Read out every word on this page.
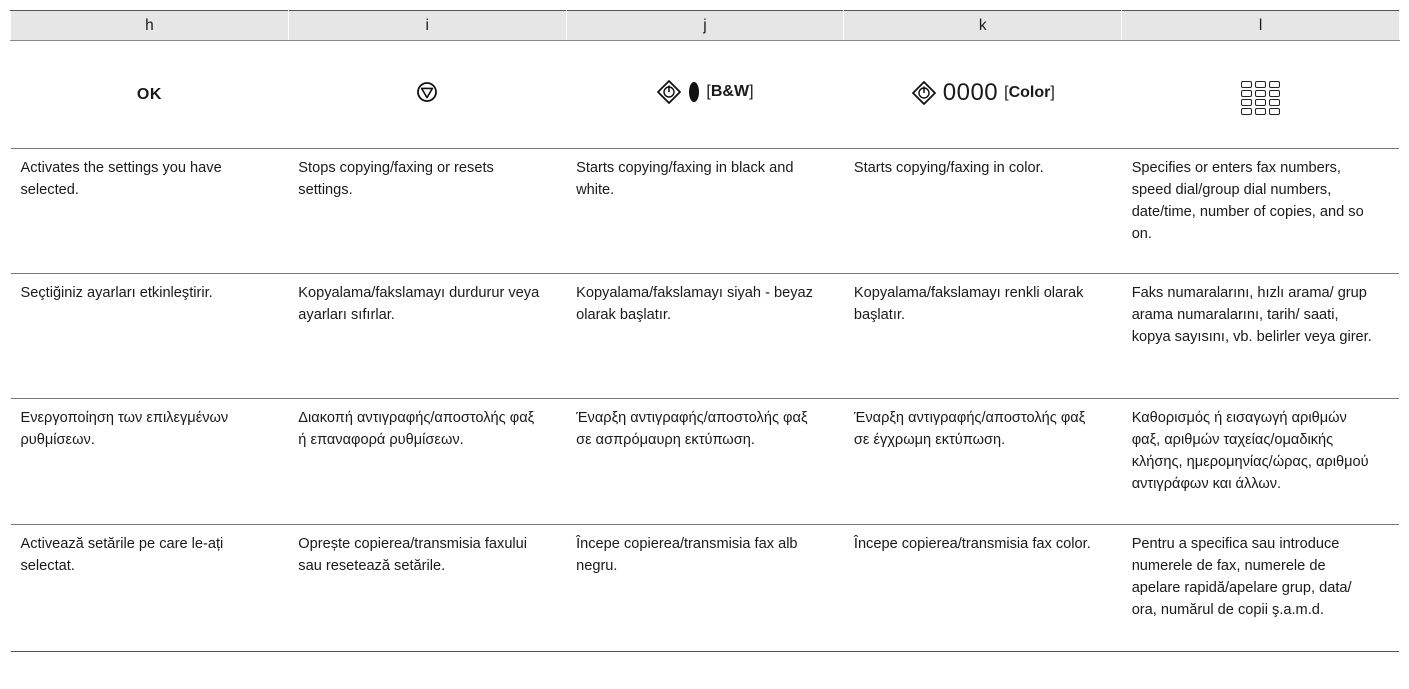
h	i	j	k	l
OK		[B&W]	0000 [Color]	

Activates the settings you have selected.	Stops copying/faxing or resets settings.	Starts copying/faxing in black and white.	Starts copying/faxing in color.	Specifies or enters fax numbers, speed dial/group dial numbers, date/time, number of copies, and so on.
Seçtiğiniz ayarları etkinleştirir.	Kopyalama/fakslamayı durdurur veya ayarları sıfırlar.	Kopyalama/fakslamayı siyah - beyaz olarak başlatır.	Kopyalama/fakslamayı renkli olarak başlatır.	Faks numaralarını, hızlı arama/ grup arama numaralarını, tarih/ saati, kopya sayısını, vb. belirler veya girer.
Ενεργοποίηση των επιλεγμένων ρυθμίσεων.	Διακοπή αντιγραφής/αποστολής φαξ ή επαναφορά ρυθμίσεων.	Έναρξη αντιγραφής/αποστολής φαξ σε ασπρόμαυρη εκτύπωση.	Έναρξη αντιγραφής/αποστολής φαξ σε έγχρωμη εκτύπωση.	Καθορισμός ή εισαγωγή αριθμών φαξ, αριθμών ταχείας/ομαδικής κλήσης, ημερομηνίας/ώρας, αριθμού αντιγράφων και άλλων.
Activează setările pe care le-ați selectat.	Oprește copierea/transmisia faxului sau resetează setările.	Începe copierea/transmisia fax alb negru.	Începe copierea/transmisia fax color.	Pentru a specifica sau introduce numerele de fax, numerele de apelare rapidă/apelare grup, data/ ora, numărul de copii ş.a.m.d.
